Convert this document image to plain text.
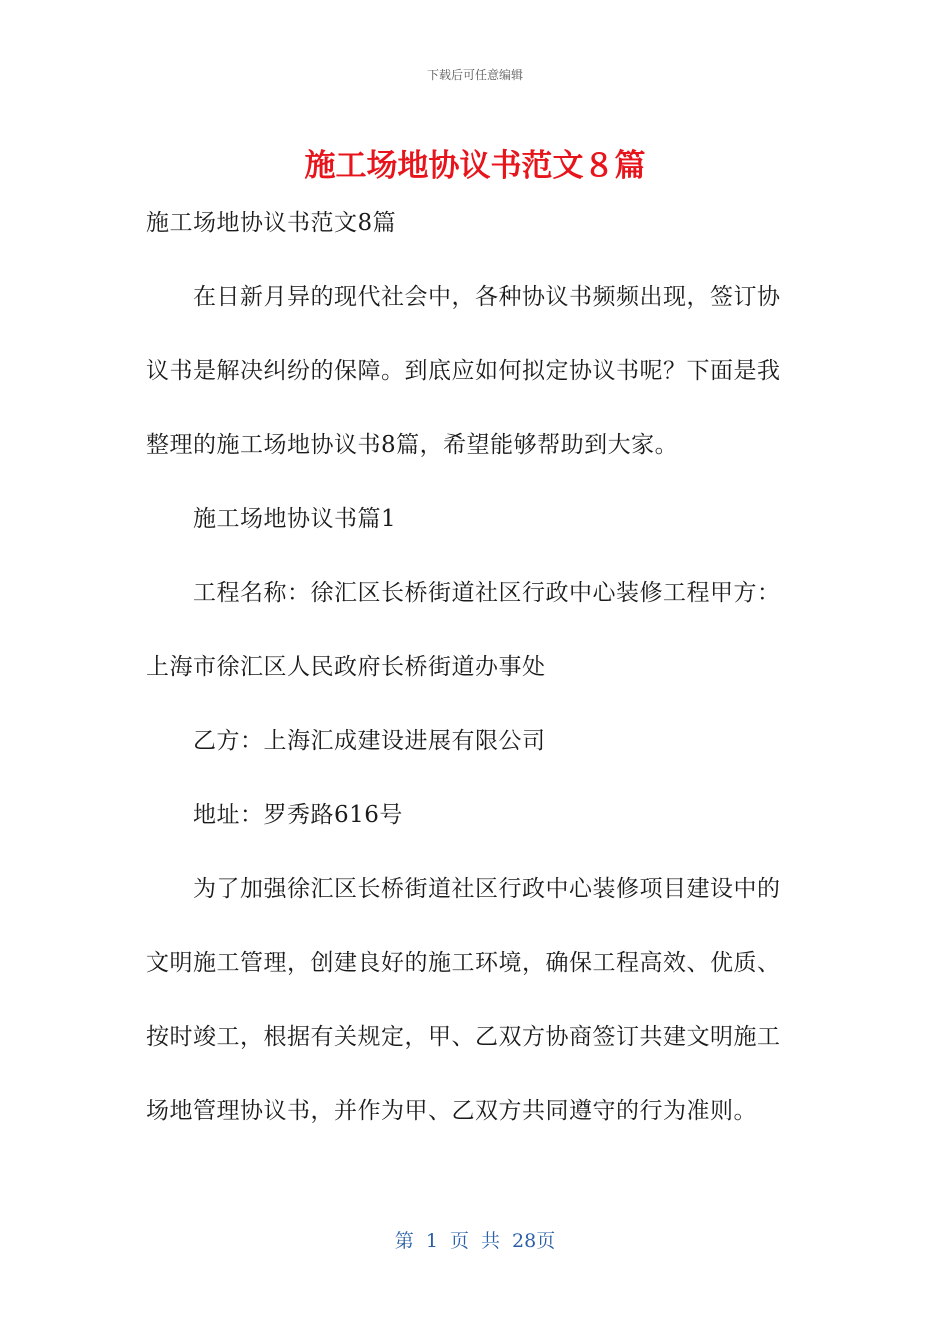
下载后可任意编辑
施工场地协议书范文８篇
施工场地协议书范文8篇
在日新月异的现代社会中，各种协议书频频出现，签订协
议书是解决纠纷的保障。到底应如何拟定协议书呢？下面是我
整理的施工场地协议书8篇，希望能够帮助到大家。
施工场地协议书篇1
工程名称：徐汇区长桥街道社区行政中心装修工程甲方：
上海市徐汇区人民政府长桥街道办事处
乙方：上海汇成建设进展有限公司
地址：罗秀路616号
为了加强徐汇区长桥街道社区行政中心装修项目建设中的
文明施工管理，创建良好的施工环境，确保工程高效、优质、
按时竣工，根据有关规定，甲、乙双方协商签订共建文明施工
场地管理协议书，并作为甲、乙双方共同遵守的行为准则。
第 1 页 共 28页
